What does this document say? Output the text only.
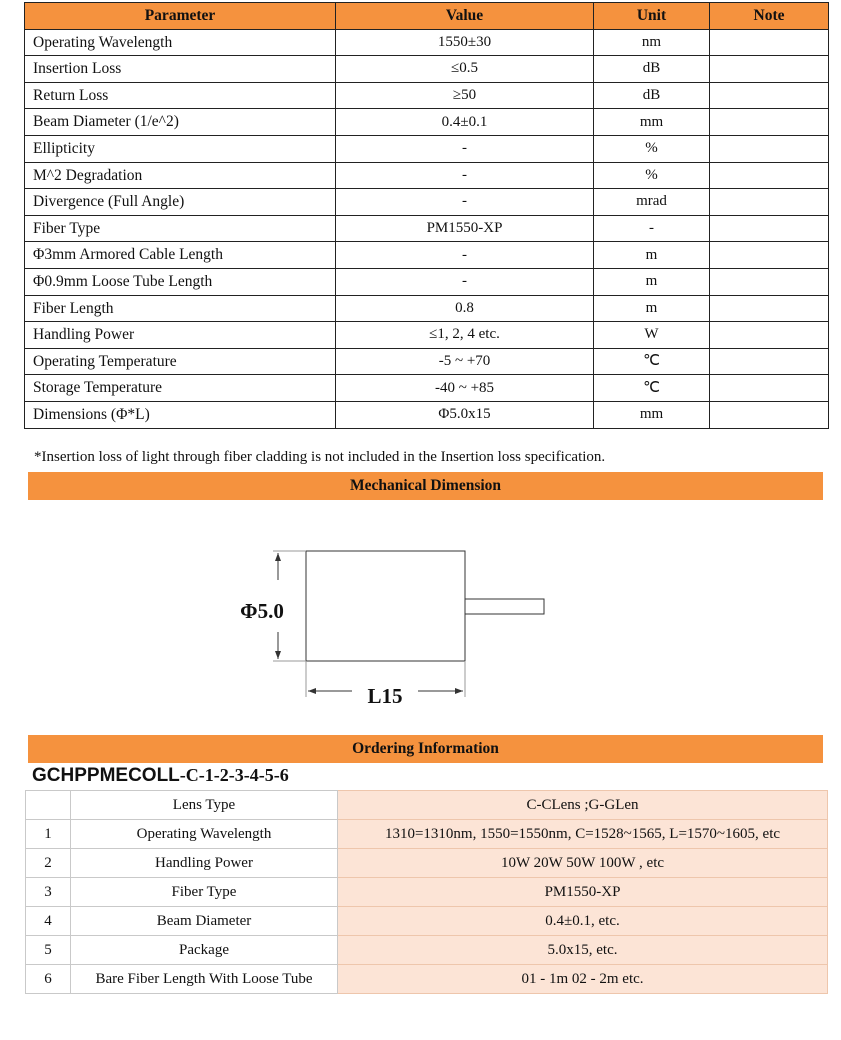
Parameter	Value	Unit	Note
Operating Wavelength	1550±30	nm	
Insertion Loss	≤0.5	dB	
Return Loss	≥50	dB	
Beam Diameter (1/e^2)	0.4±0.1	mm	
Ellipticity	-	%	
M^2 Degradation	-	%	
Divergence (Full Angle)	-	mrad	
Fiber Type	PM1550-XP	-	
Φ3mm Armored Cable Length	-	m	
Φ0.9mm Loose Tube Length	-	m	
Fiber Length	0.8	m	
Handling Power	≤1, 2, 4 etc.	W	
Operating Temperature	-5 ~ +70	℃	
Storage Temperature	-40 ~ +85	℃	
Dimensions (Φ*L)	Φ5.0x15	mm	
*Insertion loss of light through fiber cladding is not included in the Insertion loss specification.
Mechanical Dimension
Φ5.0
L15
Ordering Information
GCHPPMECOLL-C-1-2-3-4-5-6
	Lens Type	C-CLens ;G-GLen
1	Operating Wavelength	1310=1310nm, 1550=1550nm, C=1528~1565, L=1570~1605, etc
2	Handling Power	10W 20W 50W 100W , etc
3	Fiber Type	PM1550-XP
4	Beam Diameter	0.4±0.1, etc.
5	Package	5.0x15, etc.
6	Bare Fiber Length With Loose Tube	01 - 1m 02 - 2m etc.
